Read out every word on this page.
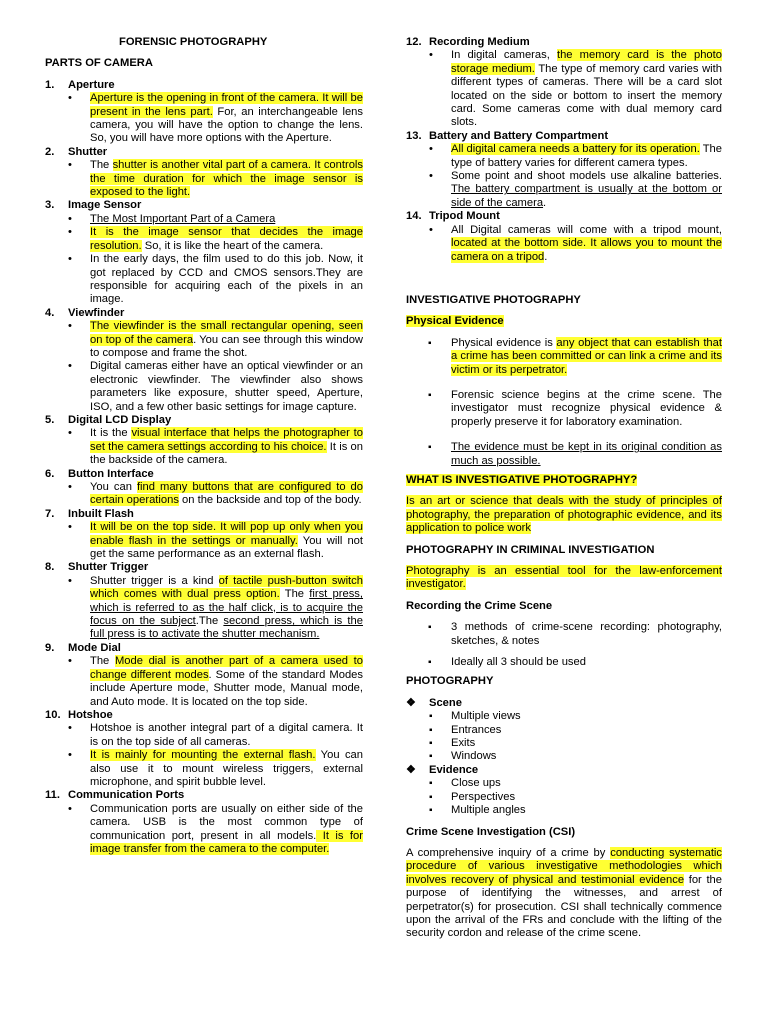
FORENSIC PHOTOGRAPHY
PARTS OF CAMERA
1. Aperture
• Aperture is the opening in front of the camera. It will be present in the lens part. For, an interchangeable lens camera, you will have the option to change the lens. So, you will have more options with the Aperture.
2. Shutter
• The shutter is another vital part of a camera. It controls the time duration for which the image sensor is exposed to the light.
3. Image Sensor
• The Most Important Part of a Camera
• It is the image sensor that decides the image resolution. So, it is like the heart of the camera.
• In the early days, the film used to do this job. Now, it got replaced by CCD and CMOS sensors.They are responsible for acquiring each of the pixels in an image.
4. Viewfinder
• The viewfinder is the small rectangular opening, seen on top of the camera. You can see through this window to compose and frame the shot.
• Digital cameras either have an optical viewfinder or an electronic viewfinder. The viewfinder also shows parameters like exposure, shutter speed, Aperture, ISO, and a few other basic settings for image capture.
5. Digital LCD Display
• It is the visual interface that helps the photographer to set the camera settings according to his choice. It is on the backside of the camera.
6. Button Interface
• You can find many buttons that are configured to do certain operations on the backside and top of the body.
7. Inbuilt Flash
• It will be on the top side. It will pop up only when you enable flash in the settings or manually. You will not get the same performance as an external flash.
8. Shutter Trigger
• Shutter trigger is a kind of tactile push-button switch which comes with dual press option. The first press, which is referred to as the half click, is to acquire the focus on the subject.The second press, which is the full press is to activate the shutter mechanism.
9. Mode Dial
• The Mode dial is another part of a camera used to change different modes. Some of the standard Modes include Aperture mode, Shutter mode, Manual mode, and Auto mode. It is located on the top side.
10. Hotshoe
• Hotshoe is another integral part of a digital camera. It is on the top side of all cameras.
• It is mainly for mounting the external flash. You can also use it to mount wireless triggers, external microphone, and spirit bubble level.
11. Communication Ports
• Communication ports are usually on either side of the camera. USB is the most common type of communication port, present in all models. It is for image transfer from the camera to the computer.
12. Recording Medium
• In digital cameras, the memory card is the photo storage medium. The type of memory card varies with different types of cameras. There will be a card slot located on the side or bottom to insert the memory card. Some cameras come with dual memory card slots.
13. Battery and Battery Compartment
• All digital camera needs a battery for its operation. The type of battery varies for different camera types.
• Some point and shoot models use alkaline batteries. The battery compartment is usually at the bottom or side of the camera.
14. Tripod Mount
• All Digital cameras will come with a tripod mount, located at the bottom side. It allows you to mount the camera on a tripod.
INVESTIGATIVE PHOTOGRAPHY
Physical Evidence
▪ Physical evidence is any object that can establish that a crime has been committed or can link a crime and its victim or its perpetrator.
▪ Forensic science begins at the crime scene. The investigator must recognize physical evidence & properly preserve it for laboratory examination.
▪ The evidence must be kept in its original condition as much as possible.
WHAT IS INVESTIGATIVE PHOTOGRAPHY?
Is an art or science that deals with the study of principles of photography, the preparation of photographic evidence, and its application to police work
PHOTOGRAPHY IN CRIMINAL INVESTIGATION
Photography is an essential tool for the law-enforcement investigator.
Recording the Crime Scene
▪ 3 methods of crime-scene recording: photography, sketches, & notes
▪ Ideally all 3 should be used
PHOTOGRAPHY
❖ Scene
▪ Multiple views
▪ Entrances
▪ Exits
▪ Windows
❖ Evidence
▪ Close ups
▪ Perspectives
▪ Multiple angles
Crime Scene Investigation (CSI)
A comprehensive inquiry of a crime by conducting systematic procedure of various investigative methodologies which involves recovery of physical and testimonial evidence for the purpose of identifying the witnesses, and arrest of perpetrator(s) for prosecution. CSI shall technically commence upon the arrival of the FRs and conclude with the lifting of the security cordon and release of the crime scene.
